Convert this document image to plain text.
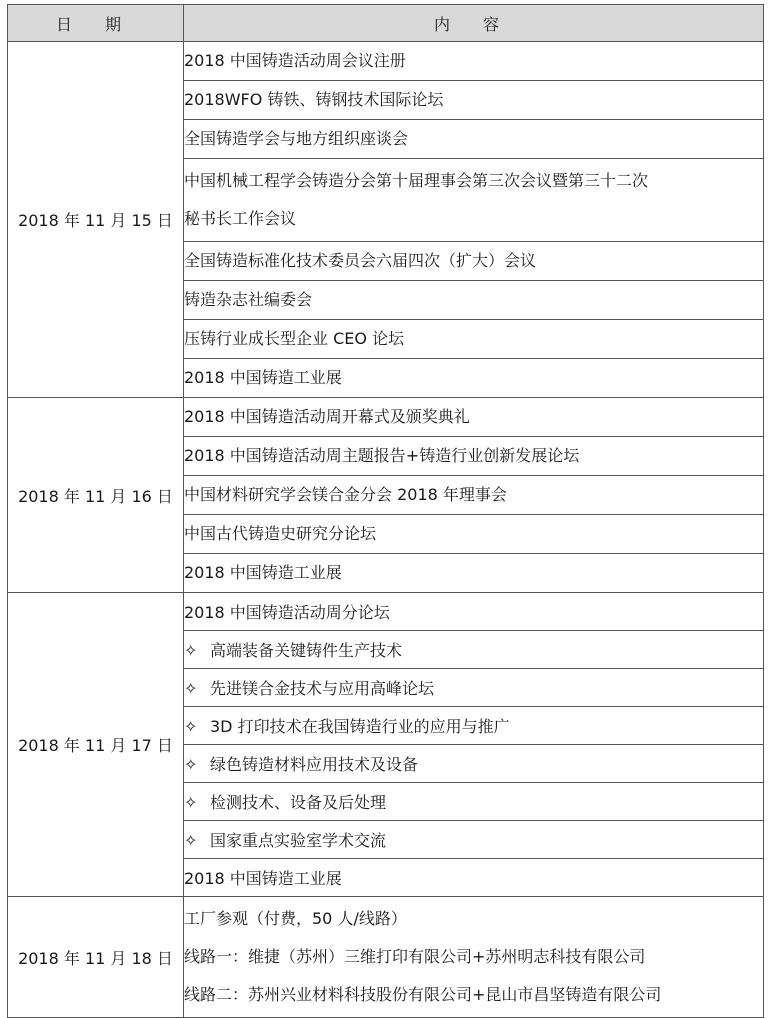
日 期	内 容
2018 年 11 月 15 日	2018 中国铸造活动周会议注册

	2018WFO 铸铁、铸钢技术国际论坛

	全国铸造学会与地方组织座谈会

	中国机械工程学会铸造分会第十届理事会第三次会议暨第三十二次
秘书长工作会议

	全国铸造标准化技术委员会六届四次（扩大）会议

	铸造杂志社编委会

	压铸行业成长型企业 CEO 论坛

	2018 中国铸造工业展

2018 年 11 月 16 日	2018 中国铸造活动周开幕式及颁奖典礼

	2018 中国铸造活动周主题报告+铸造行业创新发展论坛

	中国材料研究学会镁合金分会 2018 年理事会

	中国古代铸造史研究分论坛

	2018 中国铸造工业展

2018 年 11 月 17 日	2018 中国铸造活动周分论坛
	✧ 高端装备关键铸件生产技术
	✧ 先进镁合金技术与应用高峰论坛
	✧ 3D 打印技术在我国铸造行业的应用与推广
	✧ 绿色铸造材料应用技术及设备
	✧ 检测技术、设备及后处理
	✧ 国家重点实验室学术交流
	2018 中国铸造工业展
2018 年 11 月 18 日	工厂参观（付费，50 人/线路）
线路一：维捷（苏州）三维打印有限公司+苏州明志科技有限公司
线路二：苏州兴业材料科技股份有限公司+昆山市昌坚铸造有限公司
